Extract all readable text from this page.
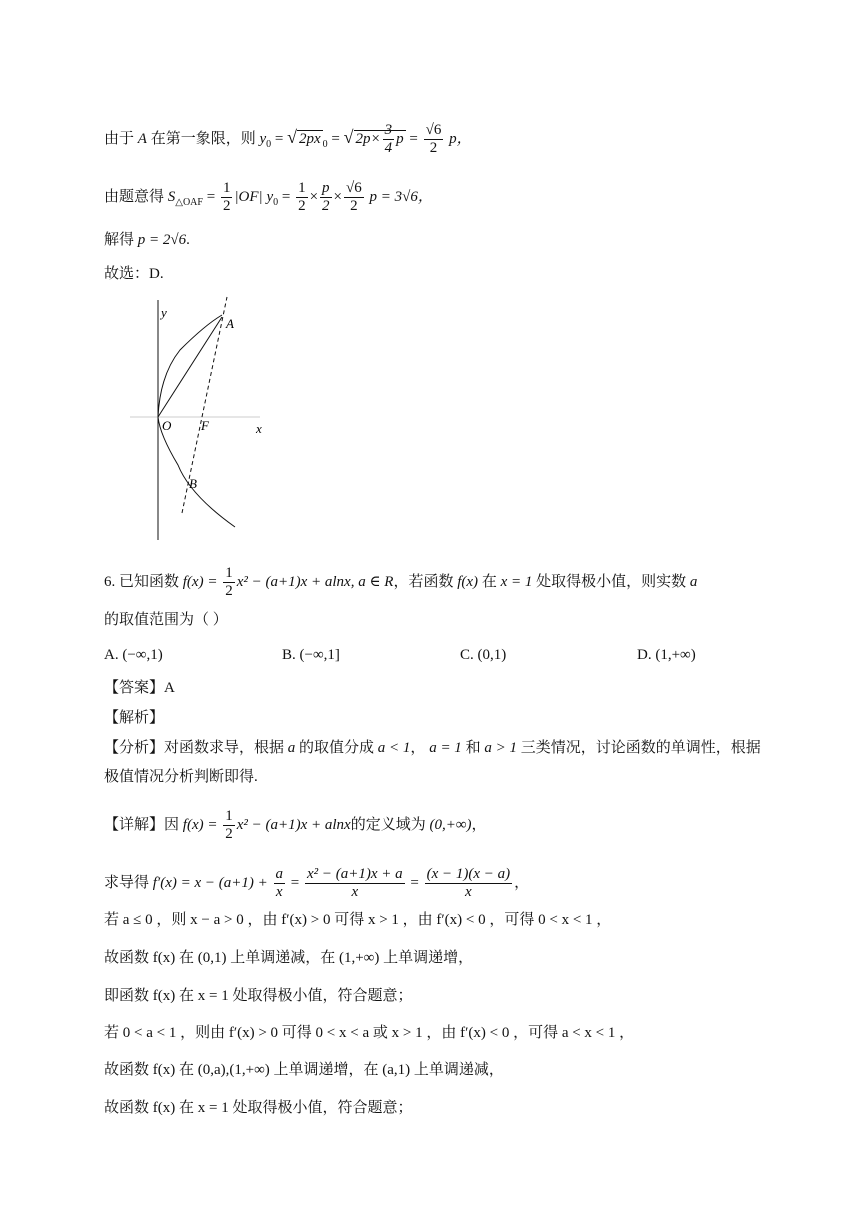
由于 A 在第一象限，则 $y_0$ = √ 2px $_0$ = √ $2p\times \frac{3}{4}$ $p = \frac{√6}{2}$ p，
由题意得 $S_{\triangle OAF} = \frac{1}{2} |OF|$ $y_0 = \frac{1}{2} \times \frac{p}{2} \times \frac{√6}{2}$ p = 3√6，
解得 p = 2√6.
故选：D.
y
A
O F	x
B
6. 已知函数 $f(x) = \frac{1}{2} x^2 - (a+1)x + alnx$, a ∈ R，若函数 f(x) 在 x = 1 处取得极小值，则实数 a
的取值范围为（ ）
A. (−∞,1)	B. (−∞,1]	C. (0,1)	D. (1,+∞)
【答案】A
【解析】
【分析】对函数求导，根据 a 的取值分成 a < 1， a = 1 和 a > 1 三类情况，讨论函数的单调性，根据
极值情况分析判断即得.
【详解】因 $f(x) = \frac{1}{2} x^2 - (a+1)x + alnx$的定义域为 (0,+∞)，
求导得 $f'(x) = x - (a+1) + \frac{a}{x} = \frac{\text{x² − (a+1)x + a}}{x} = \frac{(x - 1)(x - a)}{x}$ ，
若 a ≤ 0 ，则 x − a > 0 ，由 f′(x) > 0 可得 x > 1 ，由 f′(x) < 0 ，可得 0 < x < 1 ，
故函数 f(x) 在 (0,1) 上单调递减，在 (1,+∞) 上单调递增，
即函数 f(x) 在 x = 1 处取得极小值，符合题意；
若 0 < a < 1 ，则由 f′(x) > 0 可得 0 < x < a 或 x > 1 ，由 f′(x) < 0 ，可得 a < x < 1 ，
故函数 f(x) 在 (0,a),(1,+∞) 上单调递增，在 (a,1) 上单调递减，
故函数 f(x) 在 x = 1 处取得极小值，符合题意；
